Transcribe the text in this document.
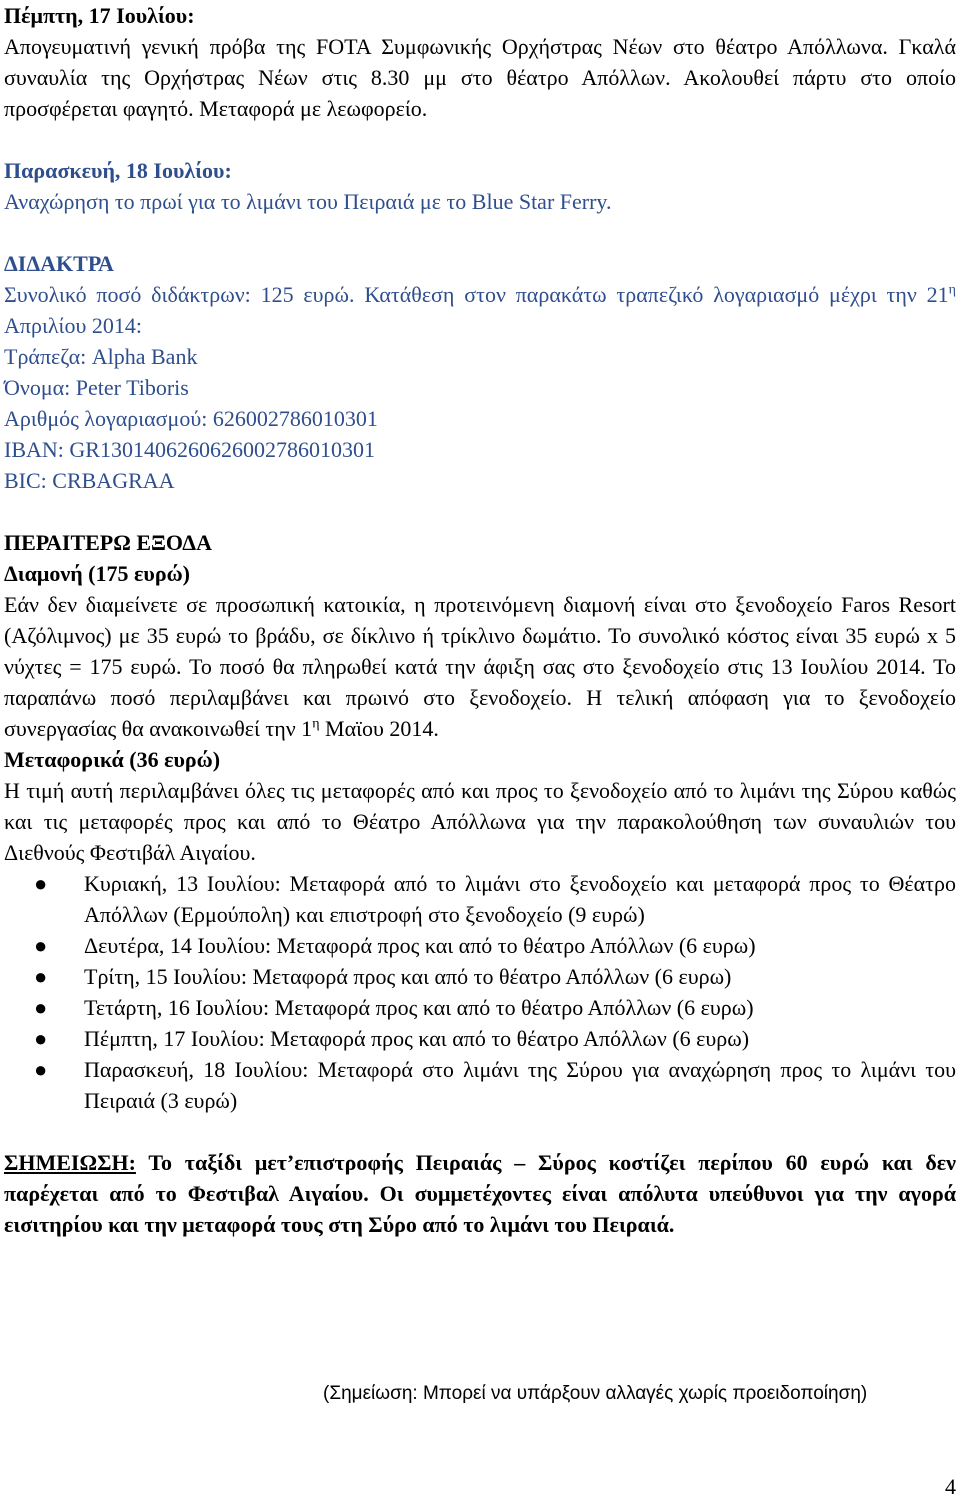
Πέμπτη, 17 Ιουλίου:
Απογευματινή γενική πρόβα της FOTA Συμφωνικής Ορχήστρας Νέων στο θέατρο Απόλλωνα. Γκαλά συναυλία της Ορχήστρας Νέων στις 8.30 μμ στο θέατρο Απόλλων. Ακολουθεί πάρτυ στο οποίο προσφέρεται φαγητό. Μεταφορά με λεωφορείο.
Παρασκευή, 18 Ιουλίου:
Αναχώρηση το πρωί για το λιμάνι του Πειραιά με το Blue Star Ferry.
ΔΙΔΑΚΤΡΑ
Συνολικό ποσό διδάκτρων: 125 ευρώ. Κατάθεση στον παρακάτω τραπεζικό λογαριασμό μέχρι την $21^\eta$ Απριλίου 2014:
Τράπεζα: Alpha Bank
Όνομα: Peter Tiboris
Αριθμός λογαριασμού: 626002786010301
IBAN: GR1301406260626002786010301
BIC: CRBAGRAA
ΠΕΡΑΙΤΕΡΩ ΕΞΟΔΑ
Διαμονή (175 ευρώ)
Εάν δεν διαμείνετε σε προσωπική κατοικία, η προτεινόμενη διαμονή είναι στο ξενοδοχείο Faros Resort (Αζόλιμνος) με 35 ευρώ το βράδυ, σε δίκλινο ή τρίκλινο δωμάτιο. Το συνολικό κόστος είναι 35 ευρώ x 5 νύχτες = 175 ευρώ. Το ποσό θα πληρωθεί κατά την άφιξη σας στο ξενοδοχείο στις 13 Ιουλίου 2014. Το παραπάνω ποσό περιλαμβάνει και πρωινό στο ξενοδοχείο. Η τελική απόφαση για το ξενοδοχείο συνεργασίας θα ανακοινωθεί την $1^\eta$ Μαϊου 2014.
Μεταφορικά (36 ευρώ)
Η τιμή αυτή περιλαμβάνει όλες τις μεταφορές από και προς το ξενοδοχείο από το λιμάνι της Σύρου καθώς και τις μεταφορές προς και από το Θέατρο Απόλλωνα για την παρακολούθηση των συναυλιών του Διεθνούς Φεστιβάλ Αιγαίου.
● Κυριακή, 13 Ιουλίου: Μεταφορά από το λιμάνι στο ξενοδοχείο και μεταφορά προς το Θέατρο Απόλλων (Ερμούπολη) και επιστροφή στο ξενοδοχείο (9 ευρώ)
● Δευτέρα, 14 Ιουλίου: Μεταφορά προς και από το θέατρο Απόλλων (6 ευρω)
● Τρίτη, 15 Ιουλίου: Μεταφορά προς και από το θέατρο Απόλλων (6 ευρω)
● Τετάρτη, 16 Ιουλίου: Μεταφορά προς και από το θέατρο Απόλλων (6 ευρω)
● Πέμπτη, 17 Ιουλίου: Μεταφορά προς και από το θέατρο Απόλλων (6 ευρω)
● Παρασκευή, 18 Ιουλίου: Μεταφορά στο λιμάνι της Σύρου για αναχώρηση προς το λιμάνι του Πειραιά (3 ευρώ)
ΣΗΜΕΙΩΣΗ: Το ταξίδι μετ’επιστροφής Πειραιάς – Σύρος κοστίζει περίπου 60 ευρώ και δεν παρέχεται από το Φεστιβαλ Αιγαίου. Οι συμμετέχοντες είναι απόλυτα υπεύθυνοι για την αγορά εισιτηρίου και την μεταφορά τους στη Σύρο από το λιμάνι του Πειραιά.
(Σημείωση: Μπορεί να υπάρξουν αλλαγές χωρίς προειδοποίηση)
4
